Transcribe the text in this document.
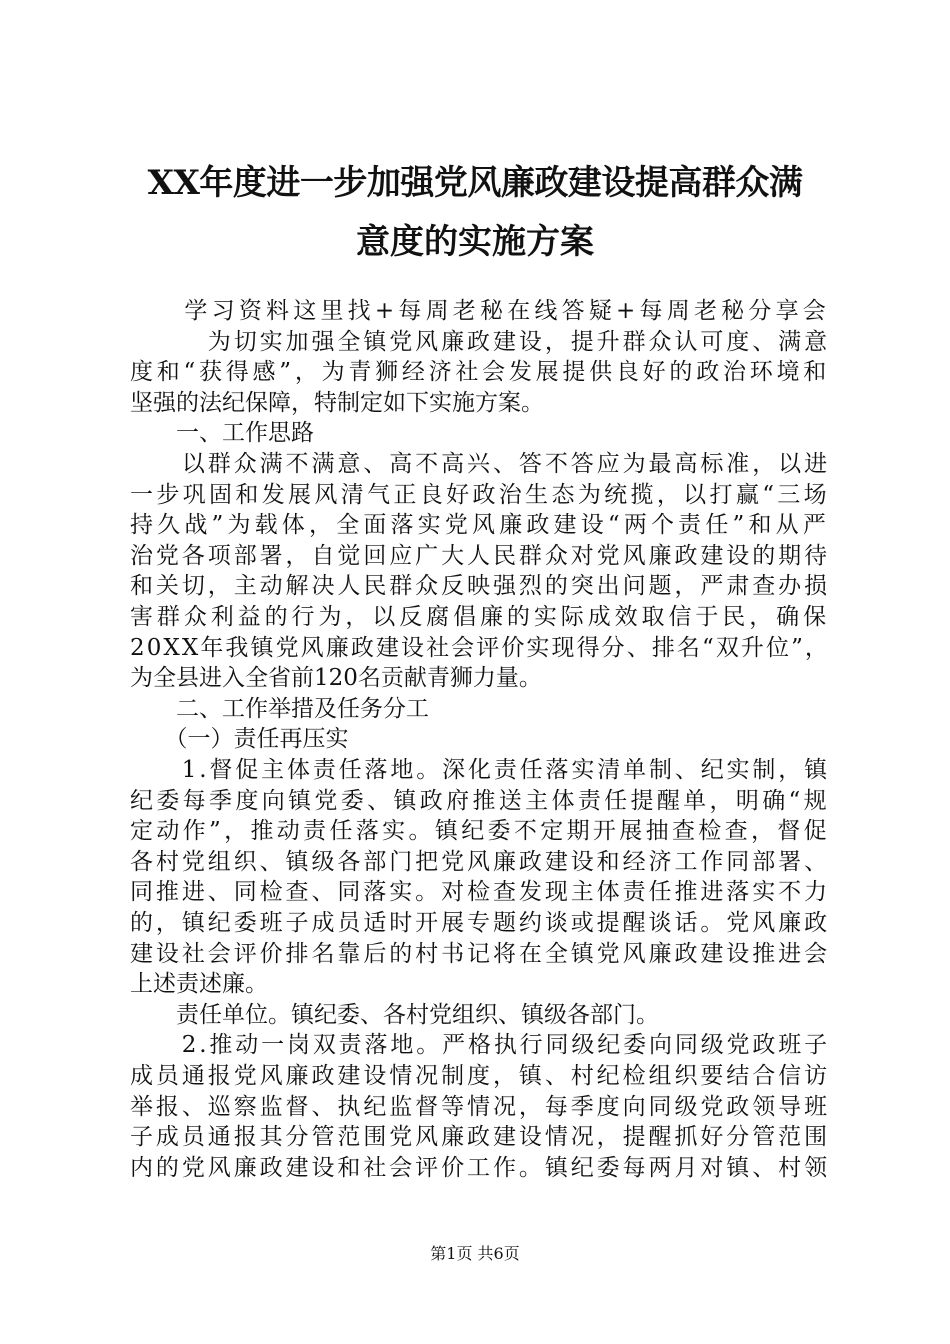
XX年度进一步加强党风廉政建设提高群众满
意度的实施方案
　　学习资料这里找+每周老秘在线答疑+每周老秘分享会
　　　为切实加强全镇党风廉政建设，提升群众认可度、满意
度和“获得感”，为青狮经济社会发展提供良好的政治环境和
坚强的法纪保障，特制定如下实施方案。
　　一、工作思路
　　以群众满不满意、高不高兴、答不答应为最高标准，以进
一步巩固和发展风清气正良好政治生态为统揽，以打赢“三场
持久战”为载体，全面落实党风廉政建设“两个责任”和从严
治党各项部署，自觉回应广大人民群众对党风廉政建设的期待
和关切，主动解决人民群众反映强烈的突出问题，严肃查办损
害群众利益的行为，以反腐倡廉的实际成效取信于民，确保
20XX年我镇党风廉政建设社会评价实现得分、排名“双升位”，
为全县进入全省前120名贡献青狮力量。
　　二、工作举措及任务分工
　　（一）责任再压实
　　1.督促主体责任落地。深化责任落实清单制、纪实制，镇
纪委每季度向镇党委、镇政府推送主体责任提醒单，明确“规
定动作”，推动责任落实。镇纪委不定期开展抽查检查，督促
各村党组织、镇级各部门把党风廉政建设和经济工作同部署、
同推进、同检查、同落实。对检查发现主体责任推进落实不力
的，镇纪委班子成员适时开展专题约谈或提醒谈话。党风廉政
建设社会评价排名靠后的村书记将在全镇党风廉政建设推进会
上述责述廉。
　　责任单位。镇纪委、各村党组织、镇级各部门。
　　2.推动一岗双责落地。严格执行同级纪委向同级党政班子
成员通报党风廉政建设情况制度，镇、村纪检组织要结合信访
举报、巡察监督、执纪监督等情况，每季度向同级党政领导班
子成员通报其分管范围党风廉政建设情况，提醒抓好分管范围
内的党风廉政建设和社会评价工作。镇纪委每两月对镇、村领
第1页 共6页
